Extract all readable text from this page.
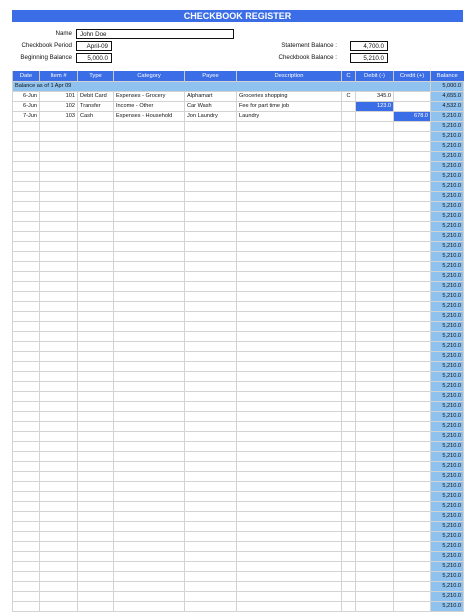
CHECKBOOK REGISTER
Name	John Doe
Checkbook Period	April-09
Beginning Balance	5,000.0
Statement Balance :	4,700.0
Checkbook Balance :	5,210.0
Date	Item #	Type	Category	Payee	Description	C	Debit (-)	Credit (+)	Balance
Balance as of 1 Apr 09									5,000.0
6-Jun	101	Debit Card	Expenses - Grocery	Alphamart	Groceries shopping	C	345.0		4,655.0
6-Jun	102	Transfer	Income - Other	Car Wash	Fee for part time job		123.0		4,532.0
7-Jun	103	Cash	Expenses - Household	Jon Laundry	Laundry			678.0	5,210.0
									5,210.0
									5,210.0
									5,210.0
									5,210.0
									5,210.0
									5,210.0
									5,210.0
									5,210.0
									5,210.0
									5,210.0
									5,210.0
									5,210.0
									5,210.0
									5,210.0
									5,210.0
									5,210.0
									5,210.0
									5,210.0
									5,210.0
									5,210.0
									5,210.0
									5,210.0
									5,210.0
									5,210.0
									5,210.0
									5,210.0
									5,210.0
									5,210.0
									5,210.0
									5,210.0
									5,210.0
									5,210.0
									5,210.0
									5,210.0
									5,210.0
									5,210.0
									5,210.0
									5,210.0
									5,210.0
									5,210.0
									5,210.0
									5,210.0
									5,210.0
									5,210.0
									5,210.0
									5,210.0
									5,210.0
									5,210.0
									5,210.0
